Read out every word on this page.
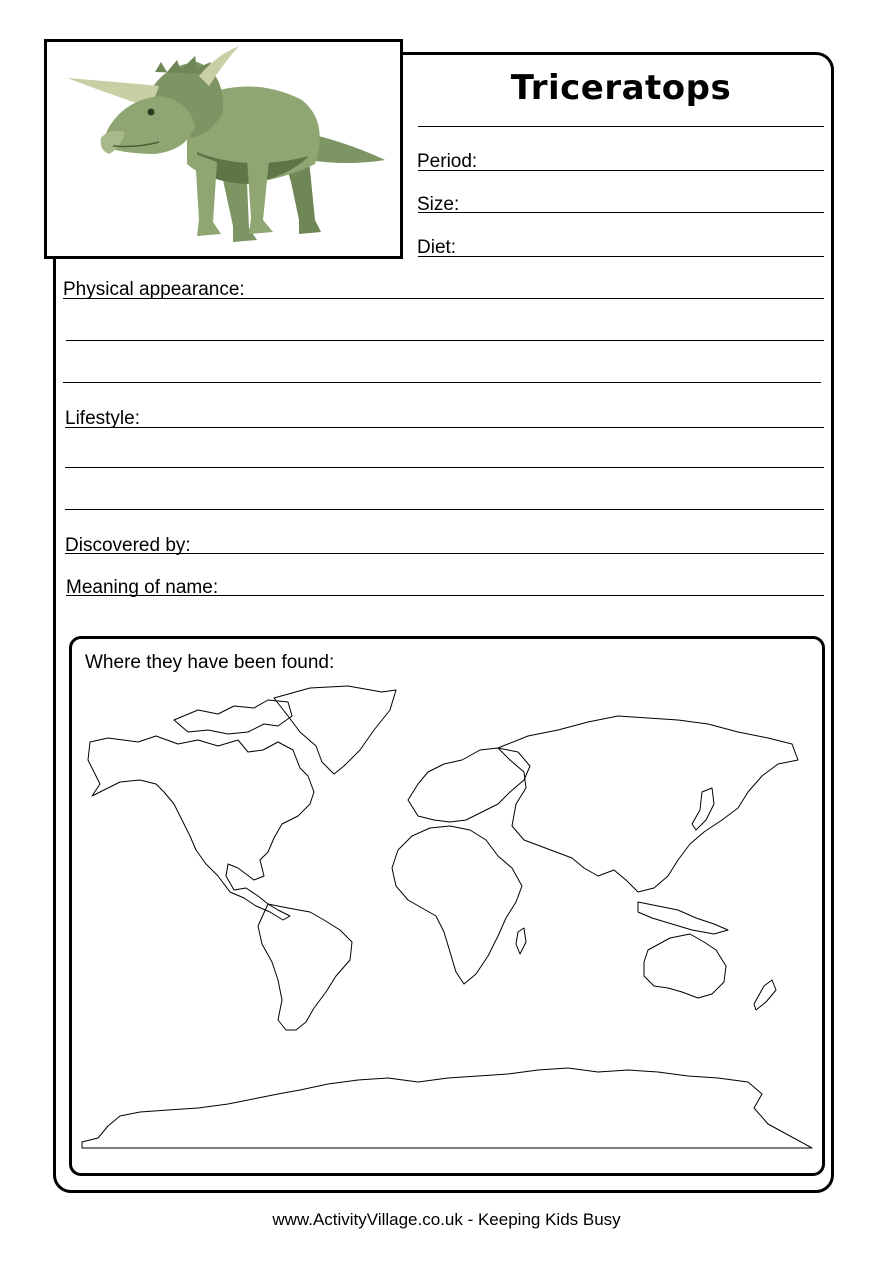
Triceratops
Period:
Size:
Diet:
Physical appearance:
Lifestyle:
Discovered by:
Meaning of name:
Where they have been found:
www.ActivityVillage.co.uk - Keeping Kids Busy
